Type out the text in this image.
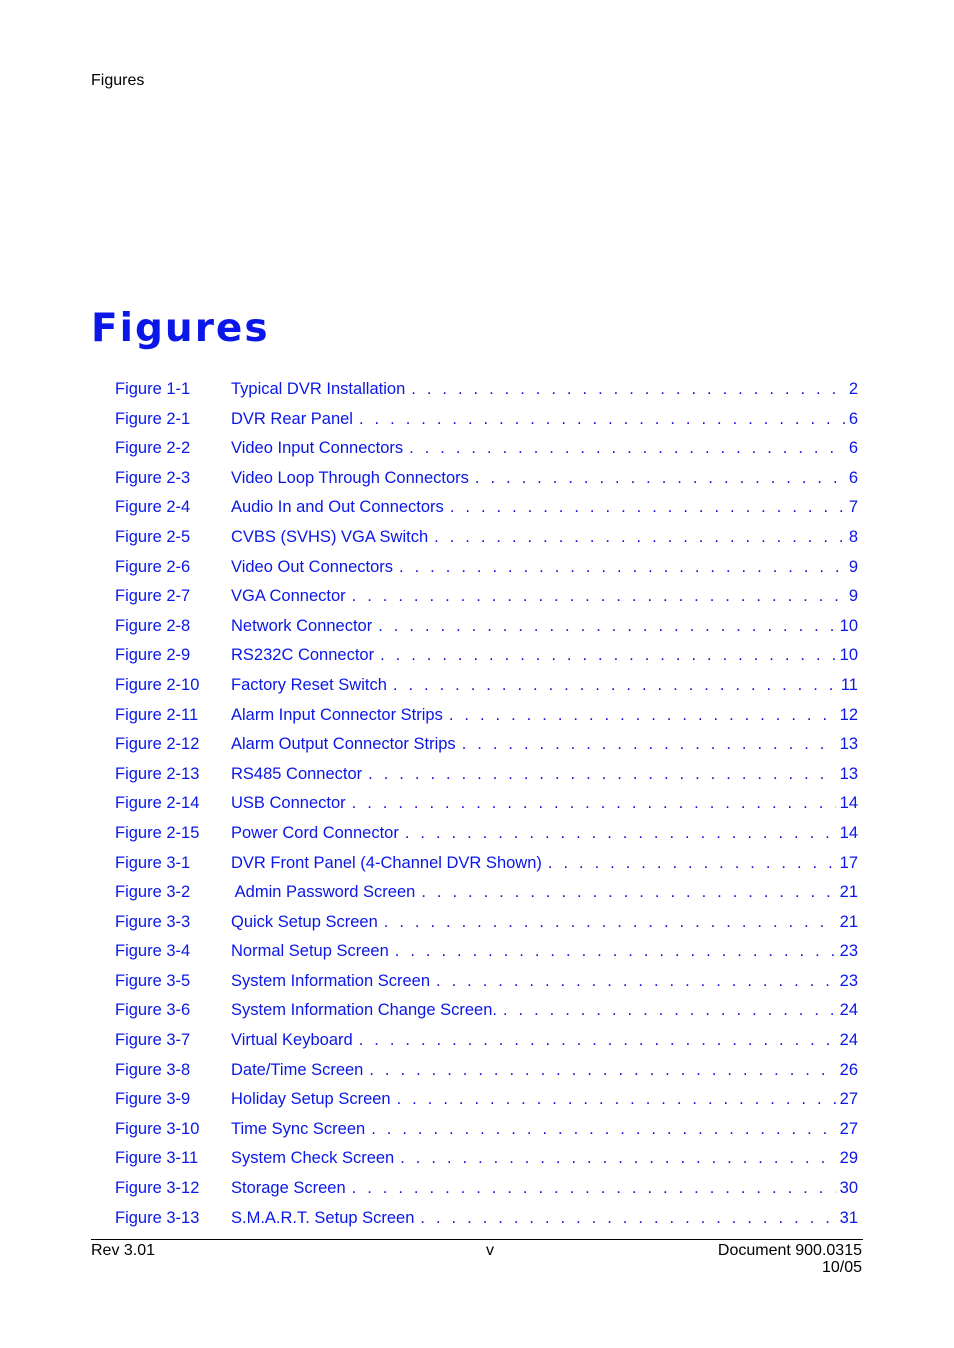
Figures
Figures
Figure 1-1	Typical DVR Installation . . .	2
Figure 2-1	DVR Rear Panel . . .	6
Figure 2-2	Video Input Connectors . . .	6
Figure 2-3	Video Loop Through Connectors . . .	6
Figure 2-4	Audio In and Out Connectors . . .	7
Figure 2-5	CVBS (SVHS) VGA Switch . . .	8
Figure 2-6	Video Out Connectors . . .	9
Figure 2-7	VGA Connector . . .	9
Figure 2-8	Network Connector . . .	10
Figure 2-9	RS232C Connector . . .	10
Figure 2-10	Factory Reset Switch . . .	11
Figure 2-11	Alarm Input Connector Strips . . .	12
Figure 2-12	Alarm Output Connector Strips . . .	13
Figure 2-13	RS485 Connector . . .	13
Figure 2-14	USB Connector . . .	14
Figure 2-15	Power Cord Connector . . .	14
Figure 3-1	DVR Front Panel (4-Channel DVR Shown) . . .	17
Figure 3-2	Admin Password Screen . . .	21
Figure 3-3	Quick Setup Screen . . .	21
Figure 3-4	Normal Setup Screen . . .	23
Figure 3-5	System Information Screen . . .	23
Figure 3-6	System Information Change Screen. . . .	24
Figure 3-7	Virtual Keyboard . . .	24
Figure 3-8	Date/Time Screen . . .	26
Figure 3-9	Holiday Setup Screen . . .	27
Figure 3-10	Time Sync Screen . . .	27
Figure 3-11	System Check Screen . . .	29
Figure 3-12	Storage Screen . . .	30
Figure 3-13	S.M.A.R.T. Setup Screen . . .	31
Rev 3.01	v	Document 900.0315
10/05
